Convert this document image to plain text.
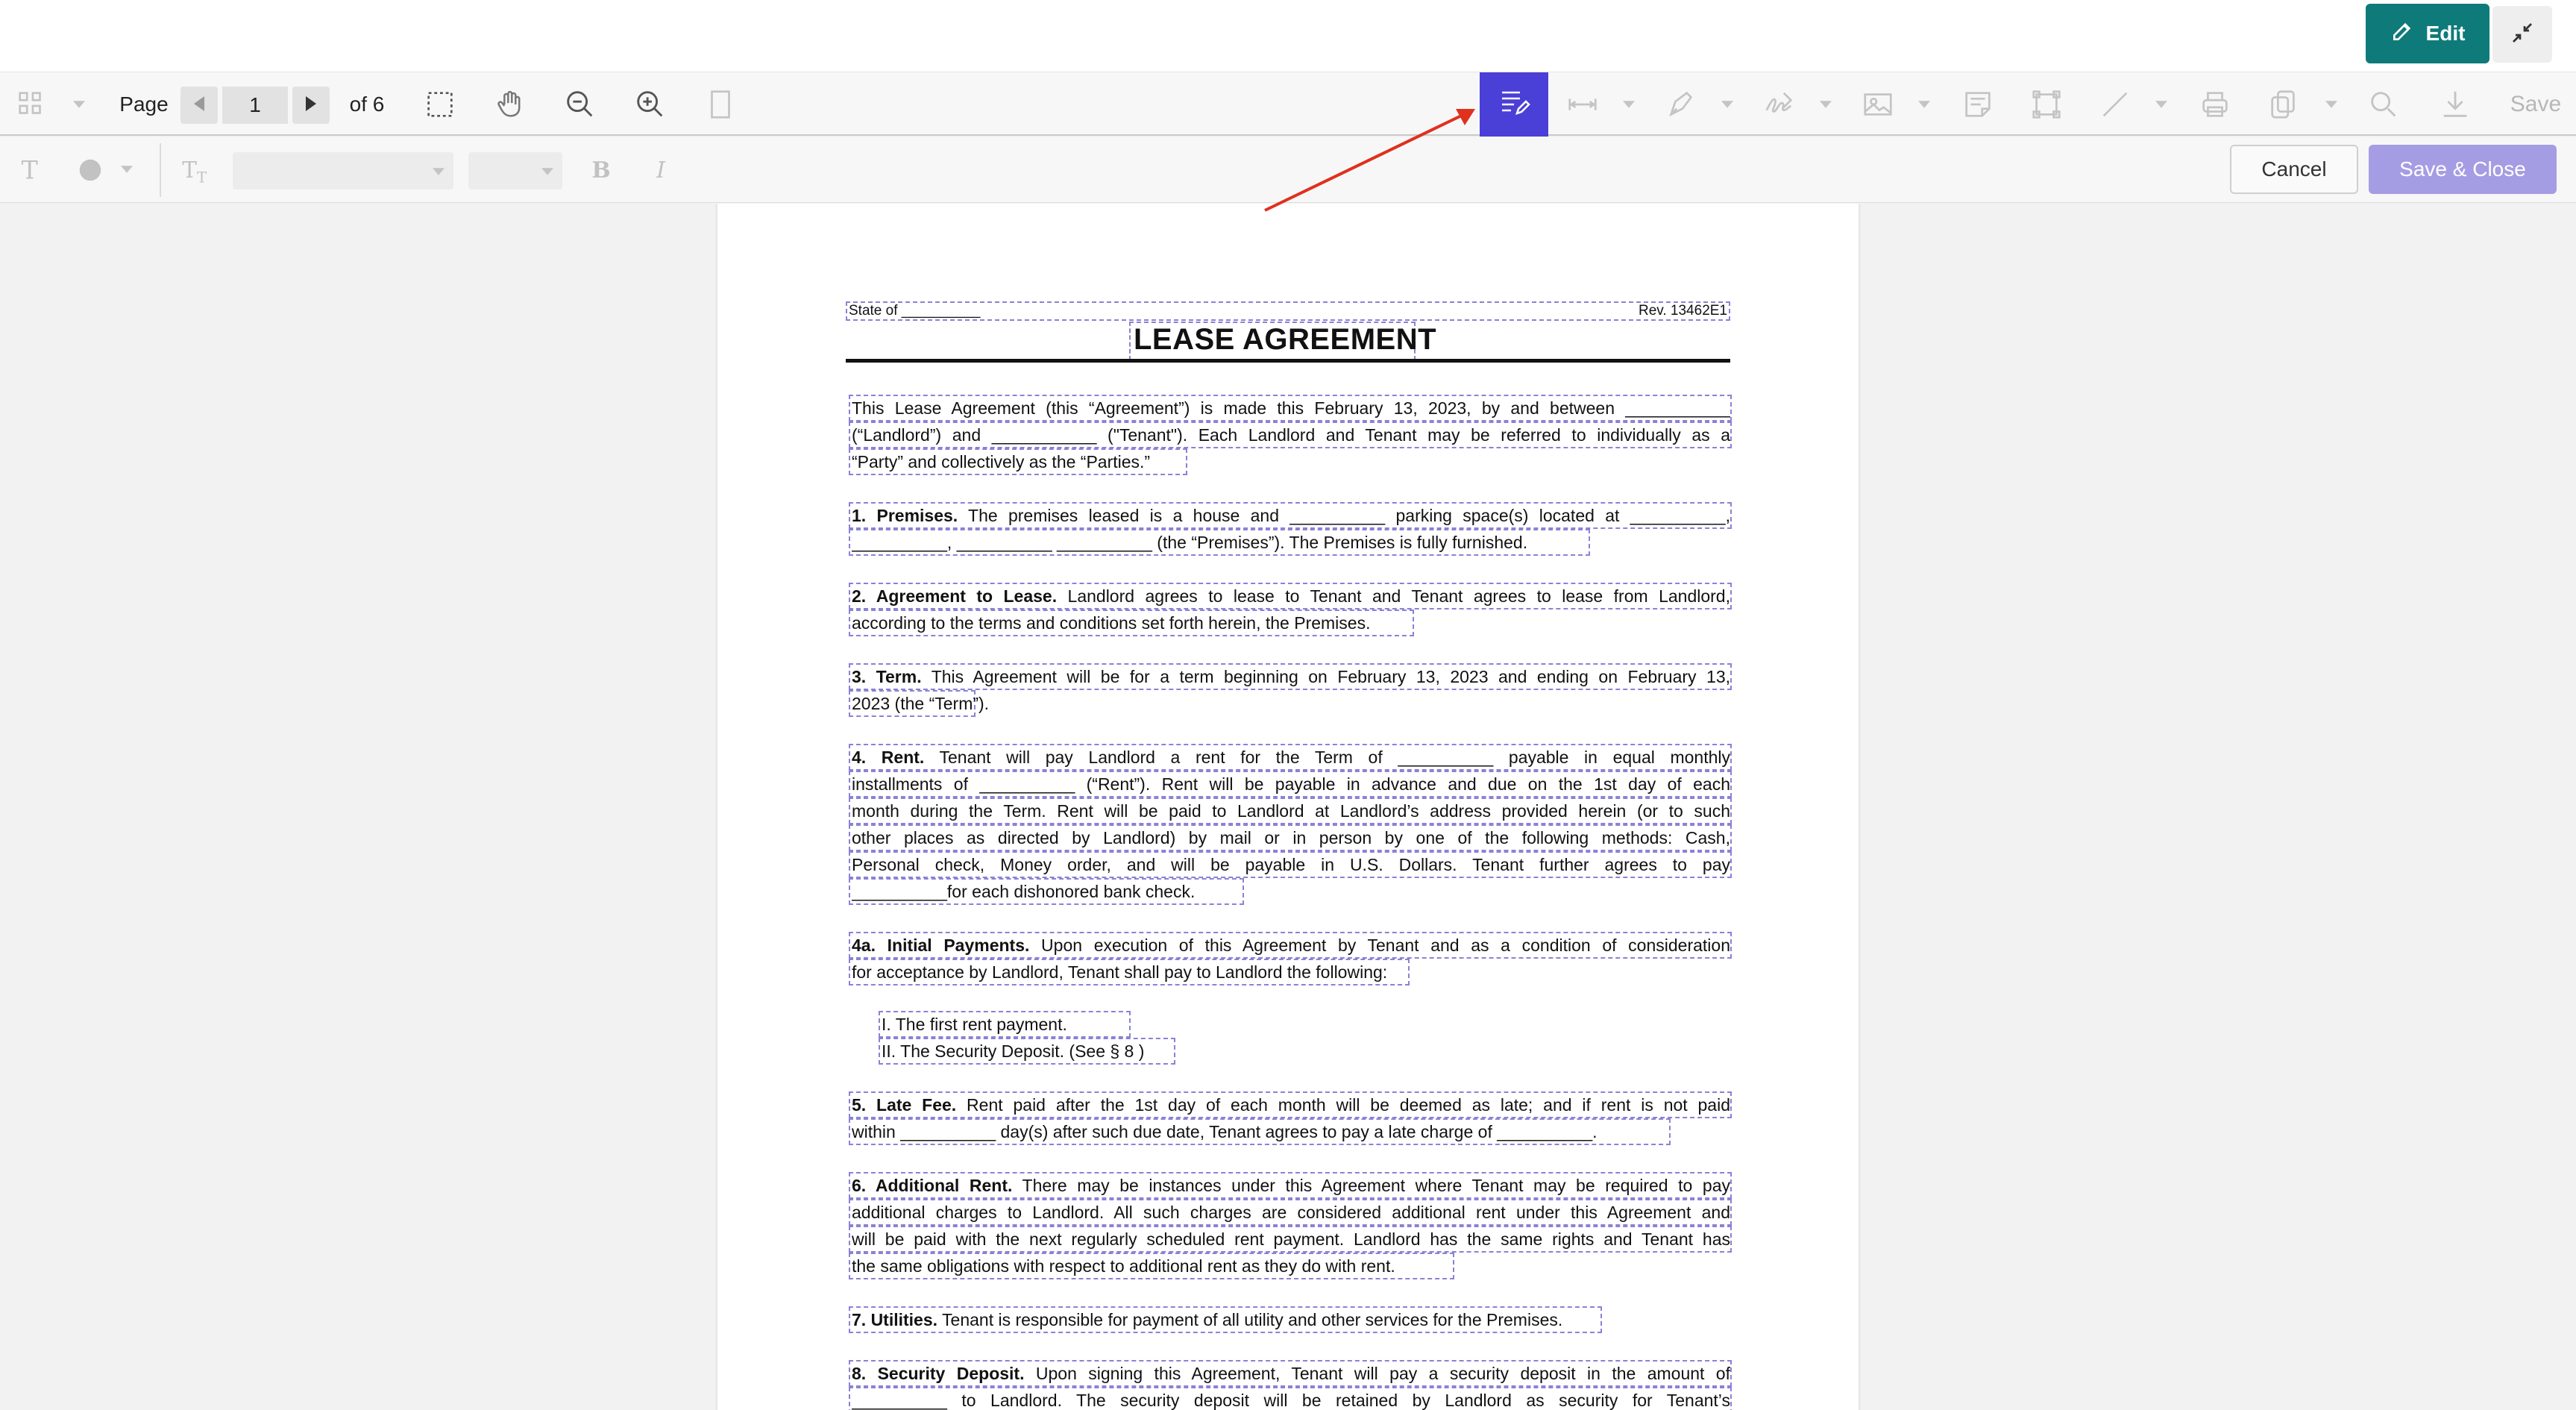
Edit
Page
1	of 6	Save
T	T T	B	I	Cancel	Save & Close
State of __________	Rev. 13462E1
LEASE AGREEMENT
This Lease Agreement (this “Agreement”) is made this February 13, 2023, by and between ___________
(“Landlord”) and ___________ ("Tenant"). Each Landlord and Tenant may be referred to individually as a
“Party” and collectively as the “Parties.”
1. Premises. The premises leased is a house and __________ parking space(s) located at __________,
__________, __________ __________ (the “Premises”). The Premises is fully furnished.
2. Agreement to Lease. Landlord agrees to lease to Tenant and Tenant agrees to lease from Landlord,
according to the terms and conditions set forth herein, the Premises.
3. Term. This Agreement will be for a term beginning on February 13, 2023 and ending on February 13,
2023 (the “Term”).
4. Rent. Tenant will pay Landlord a rent for the Term of __________ payable in equal monthly
installments of __________ (“Rent”). Rent will be payable in advance and due on the 1st day of each
month during the Term. Rent will be paid to Landlord at Landlord’s address provided herein (or to such
other places as directed by Landlord) by mail or in person by one of the following methods: Cash,
Personal check, Money order, and will be payable in U.S. Dollars. Tenant further agrees to pay
__________for each dishonored bank check.
4a. Initial Payments. Upon execution of this Agreement by Tenant and as a condition of consideration
for acceptance by Landlord, Tenant shall pay to Landlord the following:
I. The first rent payment.
II. The Security Deposit. (See § 8 )
5. Late Fee. Rent paid after the 1st day of each month will be deemed as late; and if rent is not paid
within __________ day(s) after such due date, Tenant agrees to pay a late charge of __________.
6. Additional Rent. There may be instances under this Agreement where Tenant may be required to pay
additional charges to Landlord. All such charges are considered additional rent under this Agreement and
will be paid with the next regularly scheduled rent payment. Landlord has the same rights and Tenant has
the same obligations with respect to additional rent as they do with rent.
7. Utilities. Tenant is responsible for payment of all utility and other services for the Premises.
8. Security Deposit. Upon signing this Agreement, Tenant will pay a security deposit in the amount of
__________ to Landlord. The security deposit will be retained by Landlord as security for Tenant’s
